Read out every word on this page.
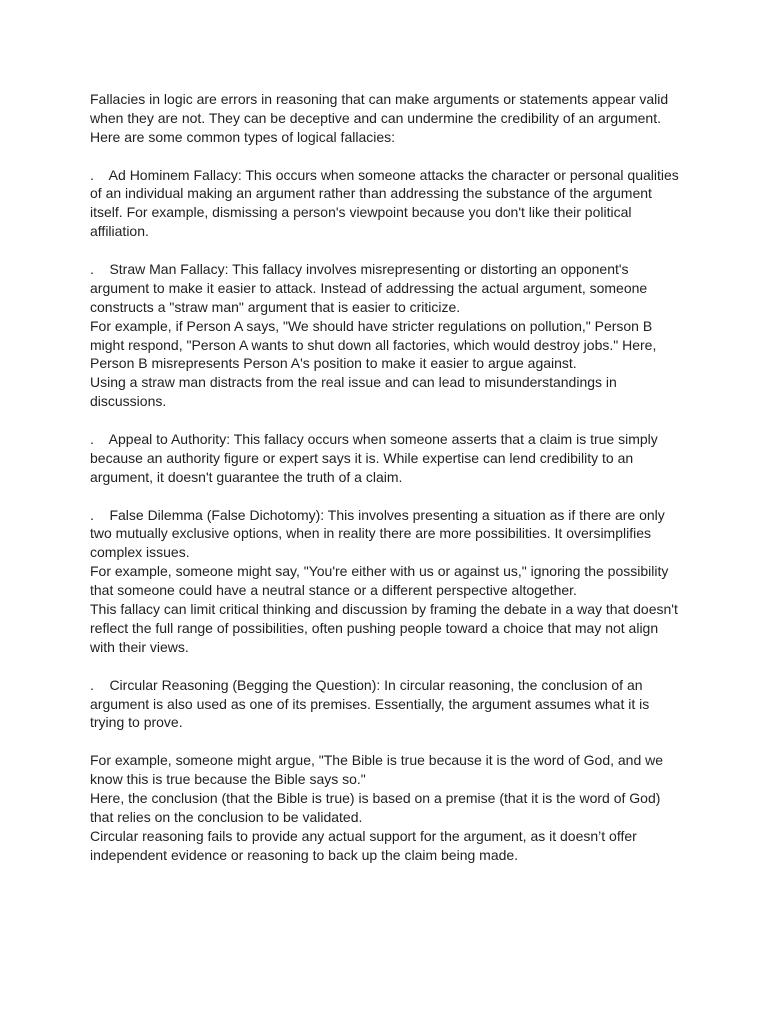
Fallacies in logic are errors in reasoning that can make arguments or statements appear valid
when they are not. They can be deceptive and can undermine the credibility of an argument.
Here are some common types of logical fallacies:
.    Ad Hominem Fallacy: This occurs when someone attacks the character or personal qualities
of an individual making an argument rather than addressing the substance of the argument
itself. For example, dismissing a person's viewpoint because you don't like their political
affiliation.
.    Straw Man Fallacy: This fallacy involves misrepresenting or distorting an opponent's
argument to make it easier to attack. Instead of addressing the actual argument, someone
constructs a "straw man" argument that is easier to criticize.
For example, if Person A says, "We should have stricter regulations on pollution," Person B
might respond, "Person A wants to shut down all factories, which would destroy jobs." Here,
Person B misrepresents Person A's position to make it easier to argue against.
Using a straw man distracts from the real issue and can lead to misunderstandings in
discussions.
.    Appeal to Authority: This fallacy occurs when someone asserts that a claim is true simply
because an authority figure or expert says it is. While expertise can lend credibility to an
argument, it doesn't guarantee the truth of a claim.
.    False Dilemma (False Dichotomy): This involves presenting a situation as if there are only
two mutually exclusive options, when in reality there are more possibilities. It oversimplifies
complex issues.
For example, someone might say, "You're either with us or against us," ignoring the possibility
that someone could have a neutral stance or a different perspective altogether.
This fallacy can limit critical thinking and discussion by framing the debate in a way that doesn't
reflect the full range of possibilities, often pushing people toward a choice that may not align
with their views.
.    Circular Reasoning (Begging the Question): In circular reasoning, the conclusion of an
argument is also used as one of its premises. Essentially, the argument assumes what it is
trying to prove.
For example, someone might argue, "The Bible is true because it is the word of God, and we
know this is true because the Bible says so."
Here, the conclusion (that the Bible is true) is based on a premise (that it is the word of God)
that relies on the conclusion to be validated.
Circular reasoning fails to provide any actual support for the argument, as it doesn’t offer
independent evidence or reasoning to back up the claim being made.
